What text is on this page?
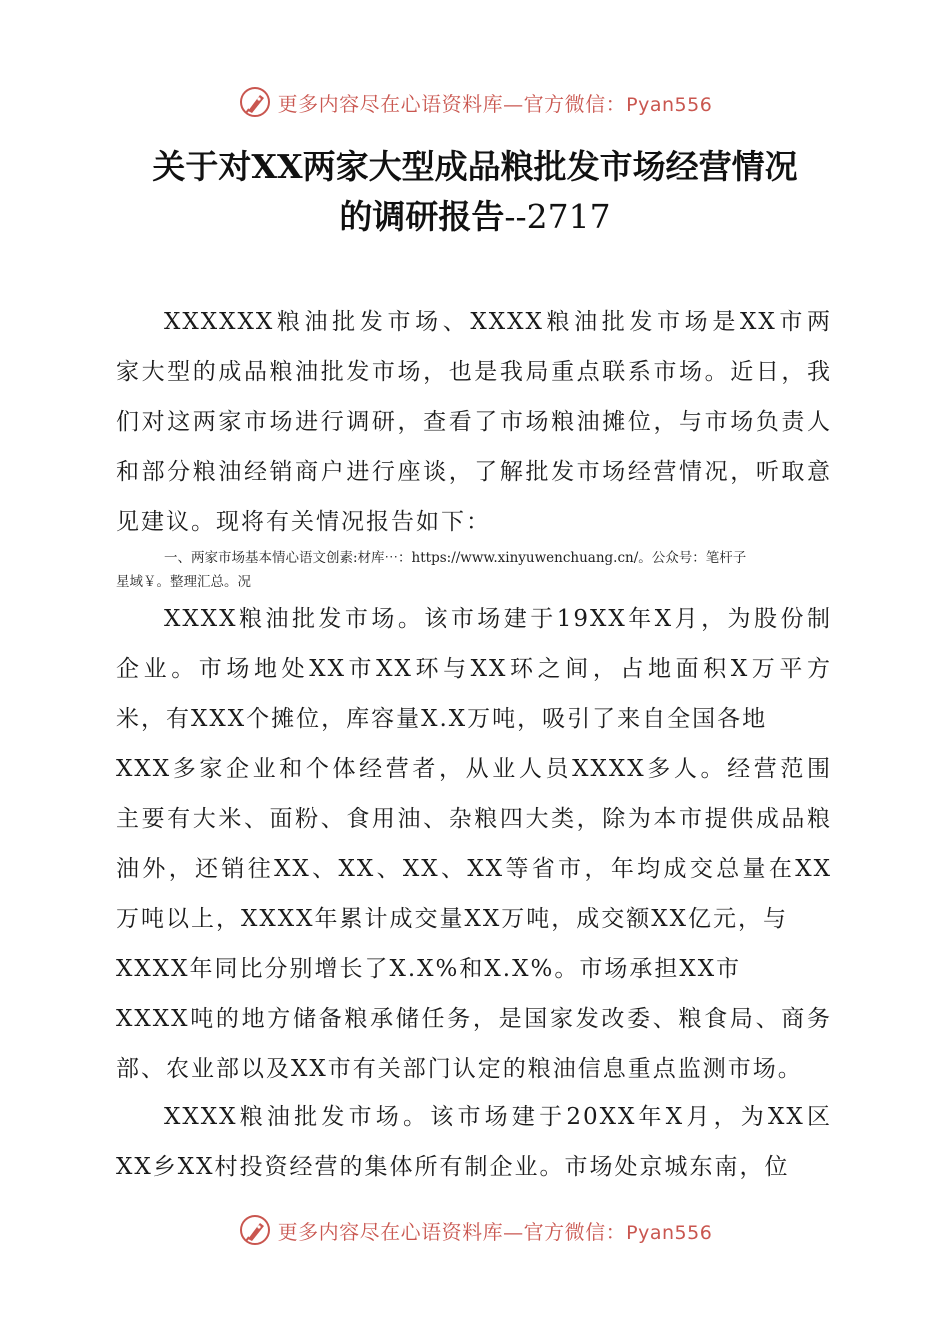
更多内容尽在心语资料库—官方微信：Pyan556
关于对XX两家大型成品粮批发市场经营情况
的调研报告--2717
XXXXXX粮油批发市场、XXXX粮油批发市场是XX市两
家大型的成品粮油批发市场，也是我局重点联系市场。近日，我
们对这两家市场进行调研，查看了市场粮油摊位，与市场负责人
和部分粮油经销商户进行座谈，了解批发市场经营情况，听取意
见建议。现将有关情况报告如下：
一、两家市场基本情心语文创素:材库⋯：https://www.xinyuwenchuang.cn/。公众号：笔杆子
星域￥。整理汇总。况
XXXX粮油批发市场。该市场建于19XX年X月，为股份制
企业。市场地处XX市XX环与XX环之间，占地面积X万平方
米，有XXX个摊位，库容量X.X万吨，吸引了来自全国各地
XXX多家企业和个体经营者，从业人员XXXX多人。经营范围
主要有大米、面粉、食用油、杂粮四大类，除为本市提供成品粮
油外，还销往XX、XX、XX、XX等省市，年均成交总量在XX
万吨以上，XXXX年累计成交量XX万吨，成交额XX亿元，与
XXXX年同比分别增长了X.X%和X.X%。市场承担XX市
XXXX吨的地方储备粮承储任务，是国家发改委、粮食局、商务
部、农业部以及XX市有关部门认定的粮油信息重点监测市场。
XXXX粮油批发市场。该市场建于20XX年X月，为XX区
XX乡XX村投资经营的集体所有制企业。市场处京城东南，位
更多内容尽在心语资料库—官方微信：Pyan556
